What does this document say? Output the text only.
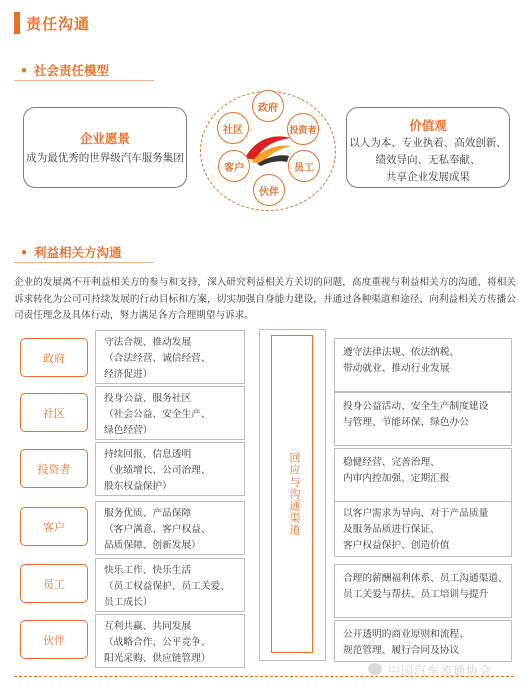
责任沟通
• 社会责任模型
企业愿景
成为最优秀的世界级汽车服务集团
政府
社区	投资者
客户	员工
伙伴
价值观
以人为本、专业执着、高效创新、
绩效导向、无私奉献、
共享企业发展成果
• 利益相关方沟通
企业的发展离不开利益相关方的参与和支持，深入研究利益相关方关切的问题，高度重视与利益相关方的沟通，将相关诉求转化为公司可持续发展的行动目标和方案，切实加强自身能力建设，并通过各种渠道和途径，向利益相关方传播公司责任理念及具体行动，努力满足各方合理期望与诉求。
回应与沟通渠道
政府
守法合规、推动发展
（合法经营、诚信经营、
经济促进）
遵守法律法规、依法纳税、
带动就业、推动行业发展
社区
投身公益、服务社区
（社会公益、安全生产、
绿色经营）
投身公益活动、安全生产制度建设
与管理、节能环保、绿色办公
投资者
持续回报、信息透明
（业绩增长、公司治理、
股东权益保护）
稳健经营、完善治理、
内审内控加强、定期汇报
客户
服务优质、产品保障
（客户满意、客户权益、
品质保障、创新发展）
以客户需求为导向、对于产品质量
及服务品质进行保证、
客户权益保护、创造价值
员工
快乐工作、快乐生活
（员工权益保护、员工关爱、
员工成长）
合理的薪酬福利体系、员工沟通渠道、
员工关爱与帮扶、员工培训与提升
伙伴
互利共赢、共同发展
（战略合作、公平竞争、
阳光采购、供应链管理）
公开透明的商业原则和流程、
规范管理、履行合同及协议
中国汽车流通协会
